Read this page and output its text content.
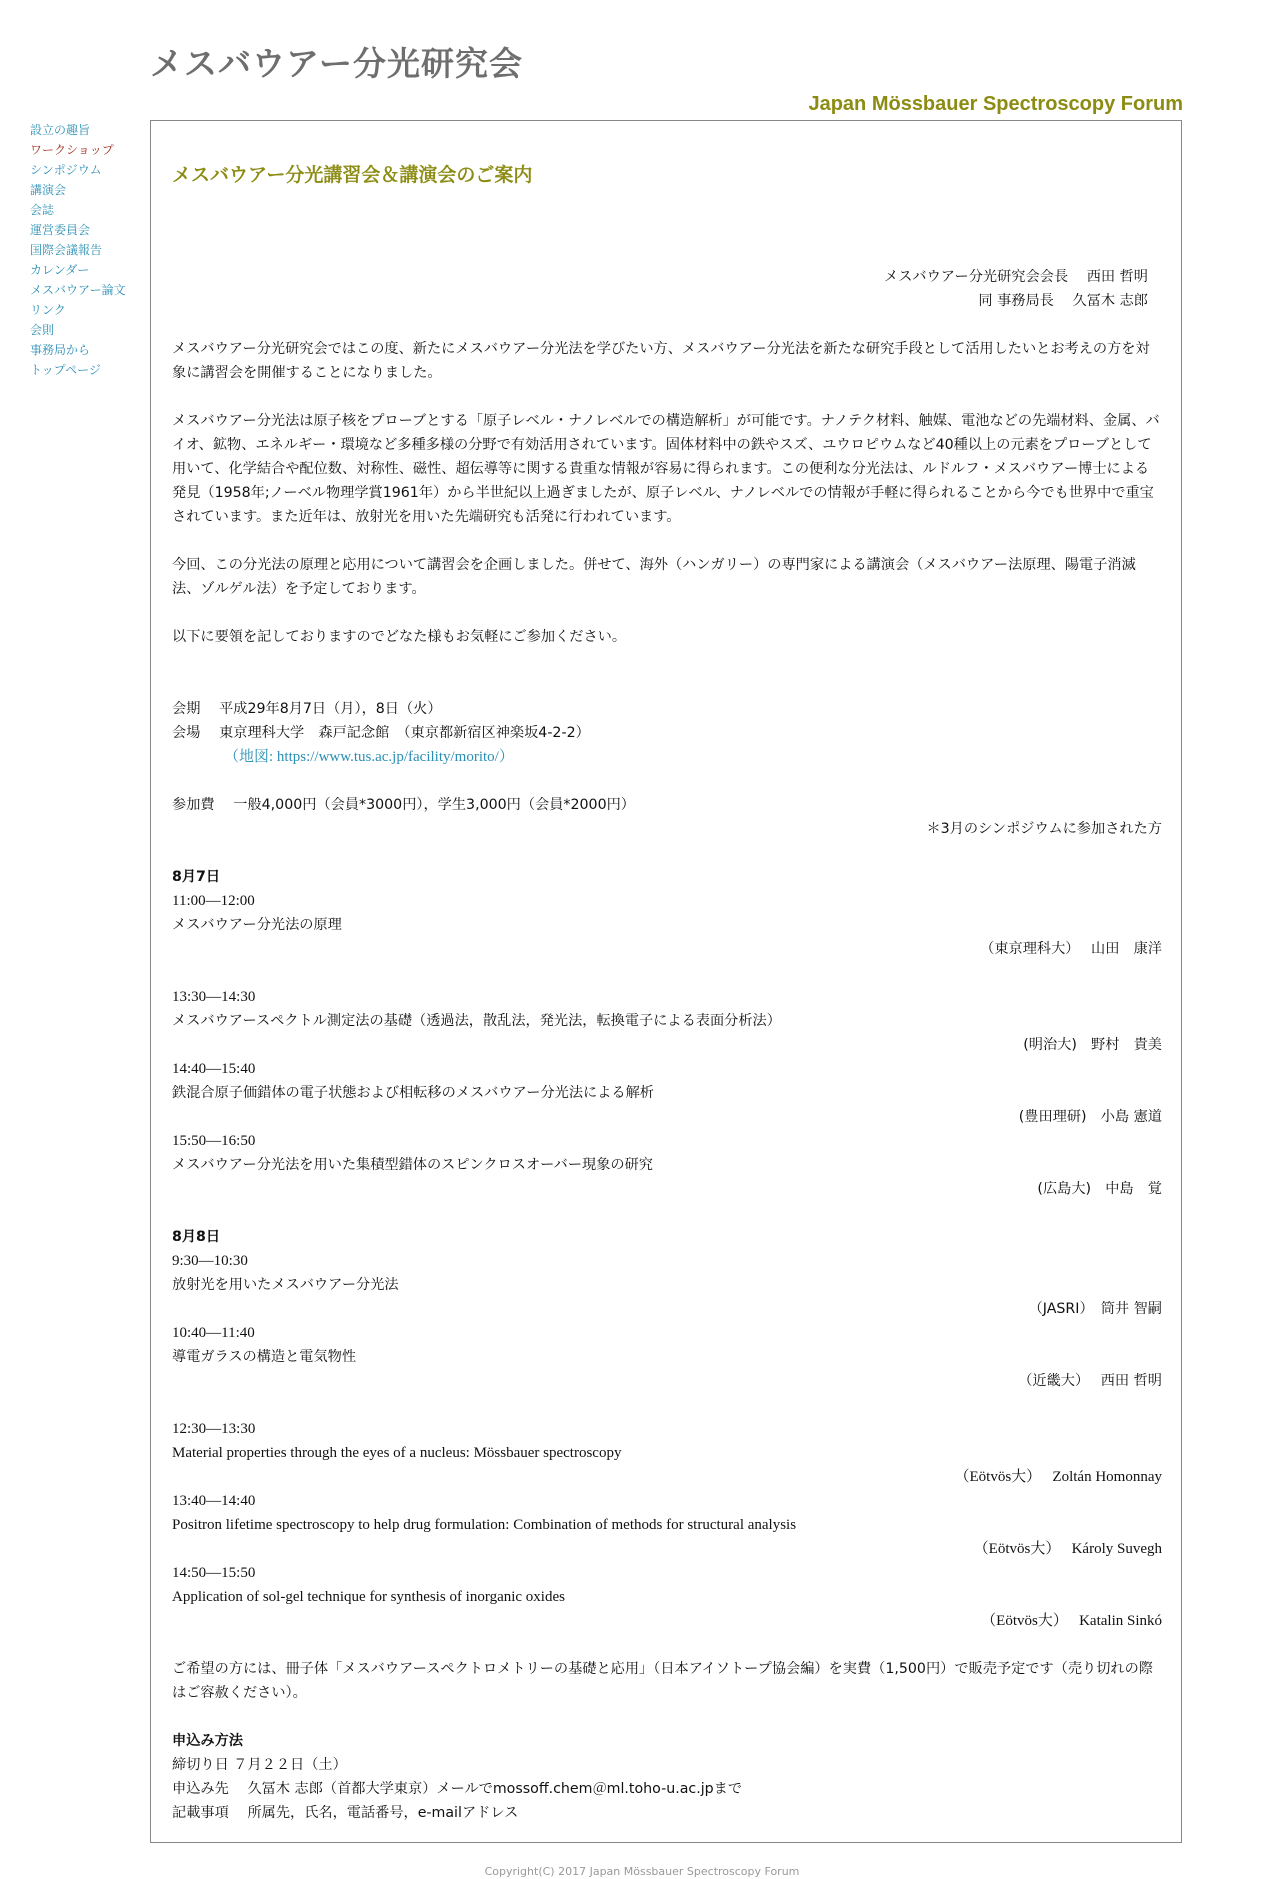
メスバウアー分光研究会
Japan Mössbauer Spectroscopy Forum
設立の趣旨
ワークショップ
シンポジウム
講演会
会誌
運営委員会
国際会議報告
カレンダー
メスバウアー論文
リンク
会則
事務局から
トップページ
メスバウアー分光講習会＆講演会のご案内
メスバウアー分光研究会会長　 西田 哲明
同 事務局長　 久冨木 志郎
メスバウアー分光研究会ではこの度、新たにメスバウアー分光法を学びたい方、メスバウアー分光法を新たな研究手段として活用したいとお考えの方を対象に講習会を開催することになりました。
メスバウアー分光法は原子核をプローブとする「原子レベル・ナノレベルでの構造解析」が可能です。ナノテク材料、触媒、電池などの先端材料、金属、バイオ、鉱物、エネルギー・環境など多種多様の分野で有効活用されています。固体材料中の鉄やスズ、ユウロピウムなど40種以上の元素をプローブとして用いて、化学結合や配位数、対称性、磁性、超伝導等に関する貴重な情報が容易に得られます。この便利な分光法は、ルドルフ・メスバウアー博士による発見（1958年;ノーベル物理学賞1961年）から半世紀以上過ぎましたが、原子レベル、ナノレベルでの情報が手軽に得られることから今でも世界中で重宝されています。また近年は、放射光を用いた先端研究も活発に行われています。
今回、この分光法の原理と応用について講習会を企画しました。併せて、海外（ハンガリー）の専門家による講演会（メスバウアー法原理、陽電子消滅法、ゾルゲル法）を予定しております。
以下に要領を記しておりますのでどなた様もお気軽にご参加ください。
会期　 平成29年8月7日（月），8日（火）
会場　 東京理科大学　森戸記念館　（東京都新宿区神楽坂4-2-2）
（地図: https://www.tus.ac.jp/facility/morito/）
参加費　 一般4,000円（会員*3000円），学生3,000円（会員*2000円）
＊3月のシンポジウムに参加された方
8月7日
11:00—12:00
メスバウアー分光法の原理
（東京理科大）　 山田　康洋
13:30—14:30
メスバウアースペクトル測定法の基礎（透過法，散乱法，発光法，転換電子による表面分析法）
(明治大)　野村　貴美
14:40—15:40
鉄混合原子価錯体の電子状態および相転移のメスバウアー分光法による解析
(豊田理研)　小島 憲道
15:50—16:50
メスバウアー分光法を用いた集積型錯体のスピンクロスオーバー現象の研究
(広島大)　中島　覚
8月8日
9:30—10:30
放射光を用いたメスバウアー分光法
（JASRI）　筒井 智嗣
10:40—11:40
導電ガラスの構造と電気物性
（近畿大）　 西田 哲明
12:30—13:30
Material properties through the eyes of a nucleus: Mössbauer spectroscopy
（Eötvös大）　 Zoltán Homonnay
13:40—14:40
Positron lifetime spectroscopy to help drug formulation: Combination of methods for structural analysis
（Eötvös大）　 Károly Suvegh
14:50—15:50
Application of sol-gel technique for synthesis of inorganic oxides
（Eötvös大）　 Katalin Sinkó
ご希望の方には、冊子体「メスバウアースペクトロメトリーの基礎と応用」（日本アイソトープ協会編）を実費（1,500円）で販売予定です（売り切れの際はご容赦ください）。
申込み方法
締切り日 ７月２２日（土）
申込み先　 久冨木 志郎（首都大学東京）メールでmossoff.chem＠ml.toho-u.ac.jpまで
記載事項　 所属先，氏名，電話番号，e-mailアドレス
Copyright(C) 2017 Japan Mössbauer Spectroscopy Forum
